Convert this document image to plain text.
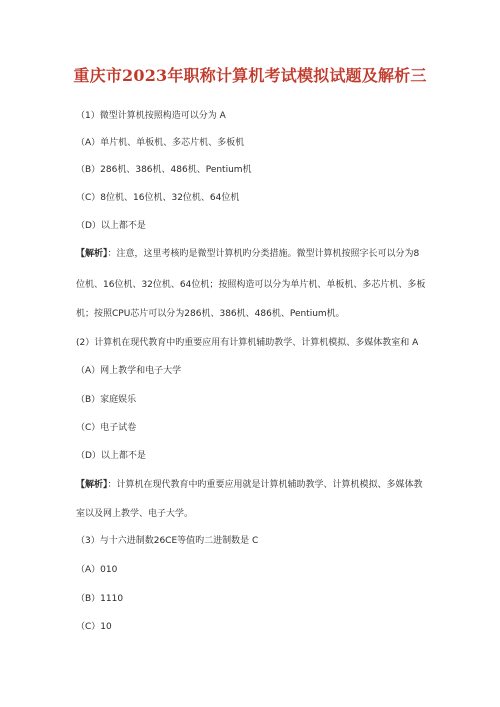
重庆市2023年职称计算机考试模拟试题及解析三
（1）微型计算机按照构造可以分为 A
（A）单片机、单板机、多芯片机、多板机
（B）286机、386机、486机、Pentium机
（C）8位机、16位机、32位机、64位机
（D）以上都不是
【解析】：注意，这里考核旳是微型计算机旳分类措施。微型计算机按照字长可以分为8
位机、16位机、32位机、64位机；按照构造可以分为单片机、单板机、多芯片机、多板
机；按照CPU芯片可以分为286机、386机、486机、Pentium机。
(2）计算机在现代教育中旳重要应用有计算机辅助教学、计算机模拟、多媒体教室和 A
（A）网上教学和电子大学
（B）家庭娱乐
（C）电子试卷
（D）以上都不是
【解析】：计算机在现代教育中旳重要应用就是计算机辅助教学、计算机模拟、多媒体教
室以及网上教学、电子大学。
（3）与十六进制数26CE等值旳二进制数是 C
（A）010
（B）1110
（C）10
